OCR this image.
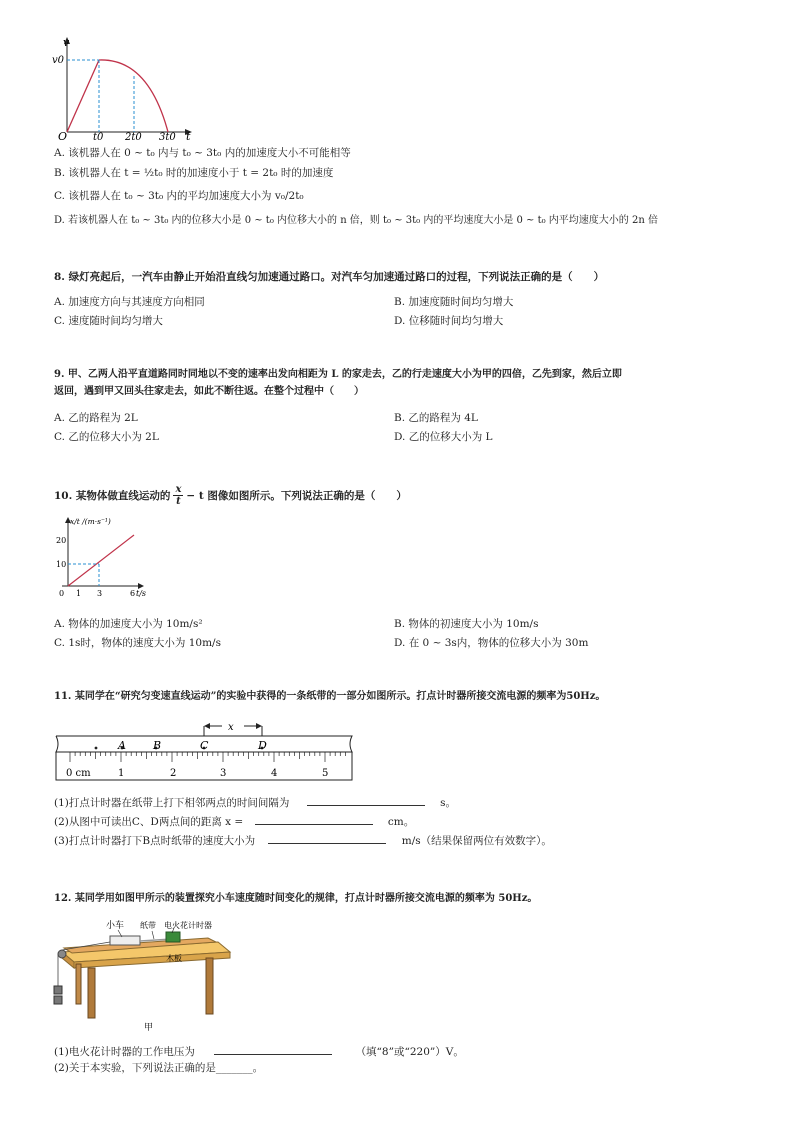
v
v0
O	t0 2t0 3t0 t
A. 该机器人在 0 ~ t₀ 内与 t₀ ~ 3t₀ 内的加速度大小不可能相等
B. 该机器人在 t = ½t₀ 时的加速度小于 t = 2t₀ 时的加速度
C. 该机器人在 t₀ ~ 3t₀ 内的平均加速度大小为 v₀/2t₀
D. 若该机器人在 t₀ ~ 3t₀ 内的位移大小是 0 ~ t₀ 内位移大小的 n 倍，则 t₀ ~ 3t₀ 内的平均速度大小是 0 ~ t₀ 内平均速度大小的 2n 倍
8. 绿灯亮起后，一汽车由静止开始沿直线匀加速通过路口。对汽车匀加速通过路口的过程，下列说法正确的是（　　）
A. 加速度方向与其速度方向相同	B. 加速度随时间均匀增大
C. 速度随时间均匀增大	D. 位移随时间均匀增大
9. 甲、乙两人沿平直道路同时同地以不变的速率出发向相距为 L 的家走去，乙的行走速度大小为甲的四倍，乙先到家，然后立即
返回，遇到甲又回头往家走去，如此不断往返。在整个过程中（　　）
A. 乙的路程为 2L	B. 乙的路程为 4L
C. 乙的位移大小为 2L	D. 乙的位移大小为 L
10. 某物体做直线运动的 $\frac{x}{t} - t$ 图像如图所示。下列说法正确的是（　　）
x/t /(m·s⁻¹)
20
10
0 1 3	6 t/s
A. 物体的加速度大小为 10m/s²	B. 物体的初速度大小为 10m/s
C. 1s时，物体的速度大小为 10m/s	D. 在 0 ~ 3s内，物体的位移大小为 30m
11. 某同学在“研究匀变速直线运动”的实验中获得的一条纸带的一部分如图所示。打点计时器所接交流电源的频率为50Hz。
x
A B	C	D
0 cm	1	2	3	4	5
(1)打点计时器在纸带上打下相邻两点的时间间隔为	s。
(2)从图中可读出C、D两点间的距离 x =	cm。
(3)打点计时器打下B点时纸带的速度大小为	m/s（结果保留两位有效数字）。
12. 某同学用如图甲所示的装置探究小车速度随时间变化的规律，打点计时器所接交流电源的频率为 50Hz。
小车 纸带 电火花计时器
木板
甲
(1)电火花计时器的工作电压为	（填“8”或“220”）V。
(2)关于本实验，下列说法正确的是_______。
